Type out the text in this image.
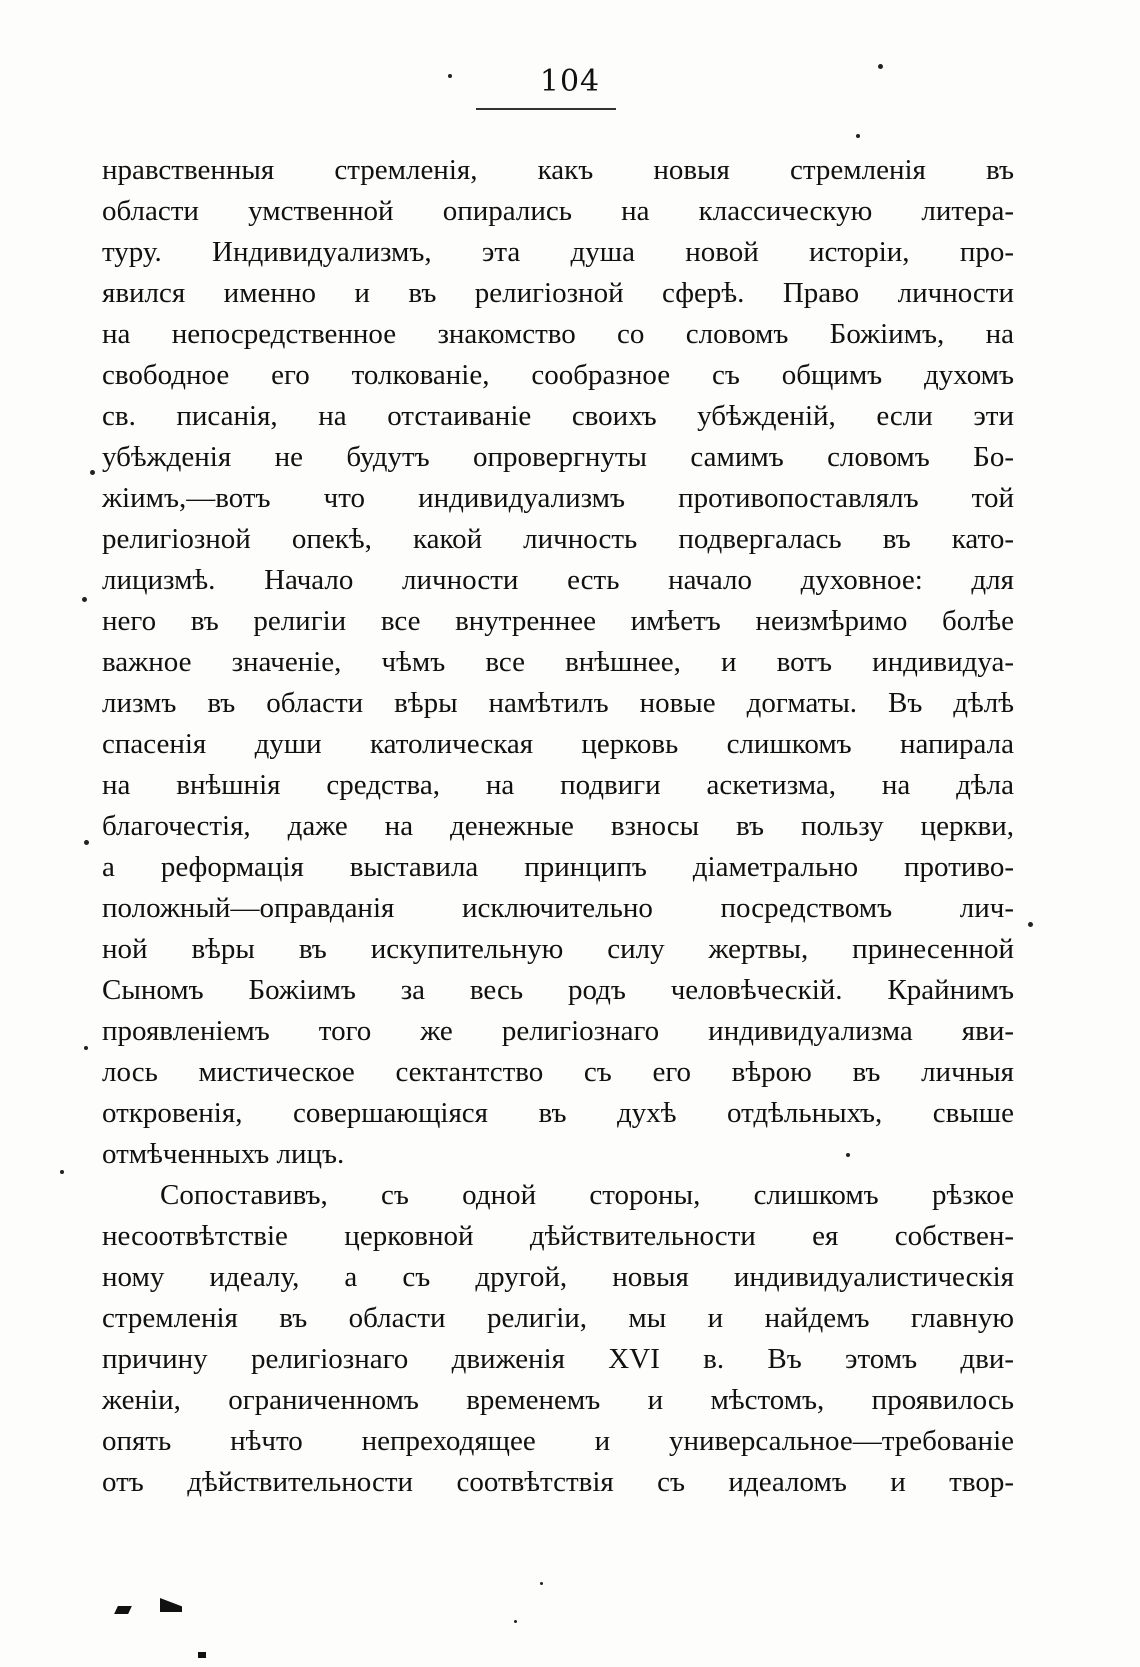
104
нравственныя стремленія, какъ новыя стремленія въ
области умственной опирались на классическую литера-
туру. Индивидуализмъ, эта душа новой исторіи, про-
явился именно и въ религіозной сферѣ. Право личности
на непосредственное знакомство со словомъ Божіимъ, на
свободное его толкованіе, сообразное съ общимъ духомъ
св. писанія, на отстаиваніе своихъ убѣжденій, если эти
убѣжденія не будутъ опровергнуты самимъ словомъ Бо-
жіимъ,—вотъ что индивидуализмъ противопоставлялъ той
религіозной опекѣ, какой личность подвергалась въ като-
лицизмѣ. Начало личности есть начало духовное: для
него въ религіи все внутреннее имѣетъ неизмѣримо болѣе
важное значеніе, чѣмъ все внѣшнее, и вотъ индивидуа-
лизмъ въ области вѣры намѣтилъ новые догматы. Въ дѣлѣ
спасенія души католическая церковь слишкомъ напирала
на внѣшнія средства, на подвиги аскетизма, на дѣла
благочестія, даже на денежные взносы въ пользу церкви,
а реформація выставила принципъ діаметрально противо-
положный—оправданія исключительно посредствомъ лич-
ной вѣры въ искупительную силу жертвы, принесенной
Сыномъ Божіимъ за весь родъ человѣческій. Крайнимъ
проявленіемъ того же религіознаго индивидуализма яви-
лось мистическое сектантство съ его вѣрою въ личныя
откровенія, совершающіяся въ духѣ отдѣльныхъ, свыше
отмѣченныхъ лицъ.
Сопоставивъ, съ одной стороны, слишкомъ рѣзкое
несоотвѣтствіе церковной дѣйствительности ея собствен-
ному идеалу, а съ другой, новыя индивидуалистическія
стремленія въ области религіи, мы и найдемъ главную
причину религіознаго движенія XVI в. Въ этомъ дви-
женіи, ограниченномъ временемъ и мѣстомъ, проявилось
опять нѣчто непреходящее и универсальное—требованіе
отъ дѣйствительности соотвѣтствія съ идеаломъ и твор-
